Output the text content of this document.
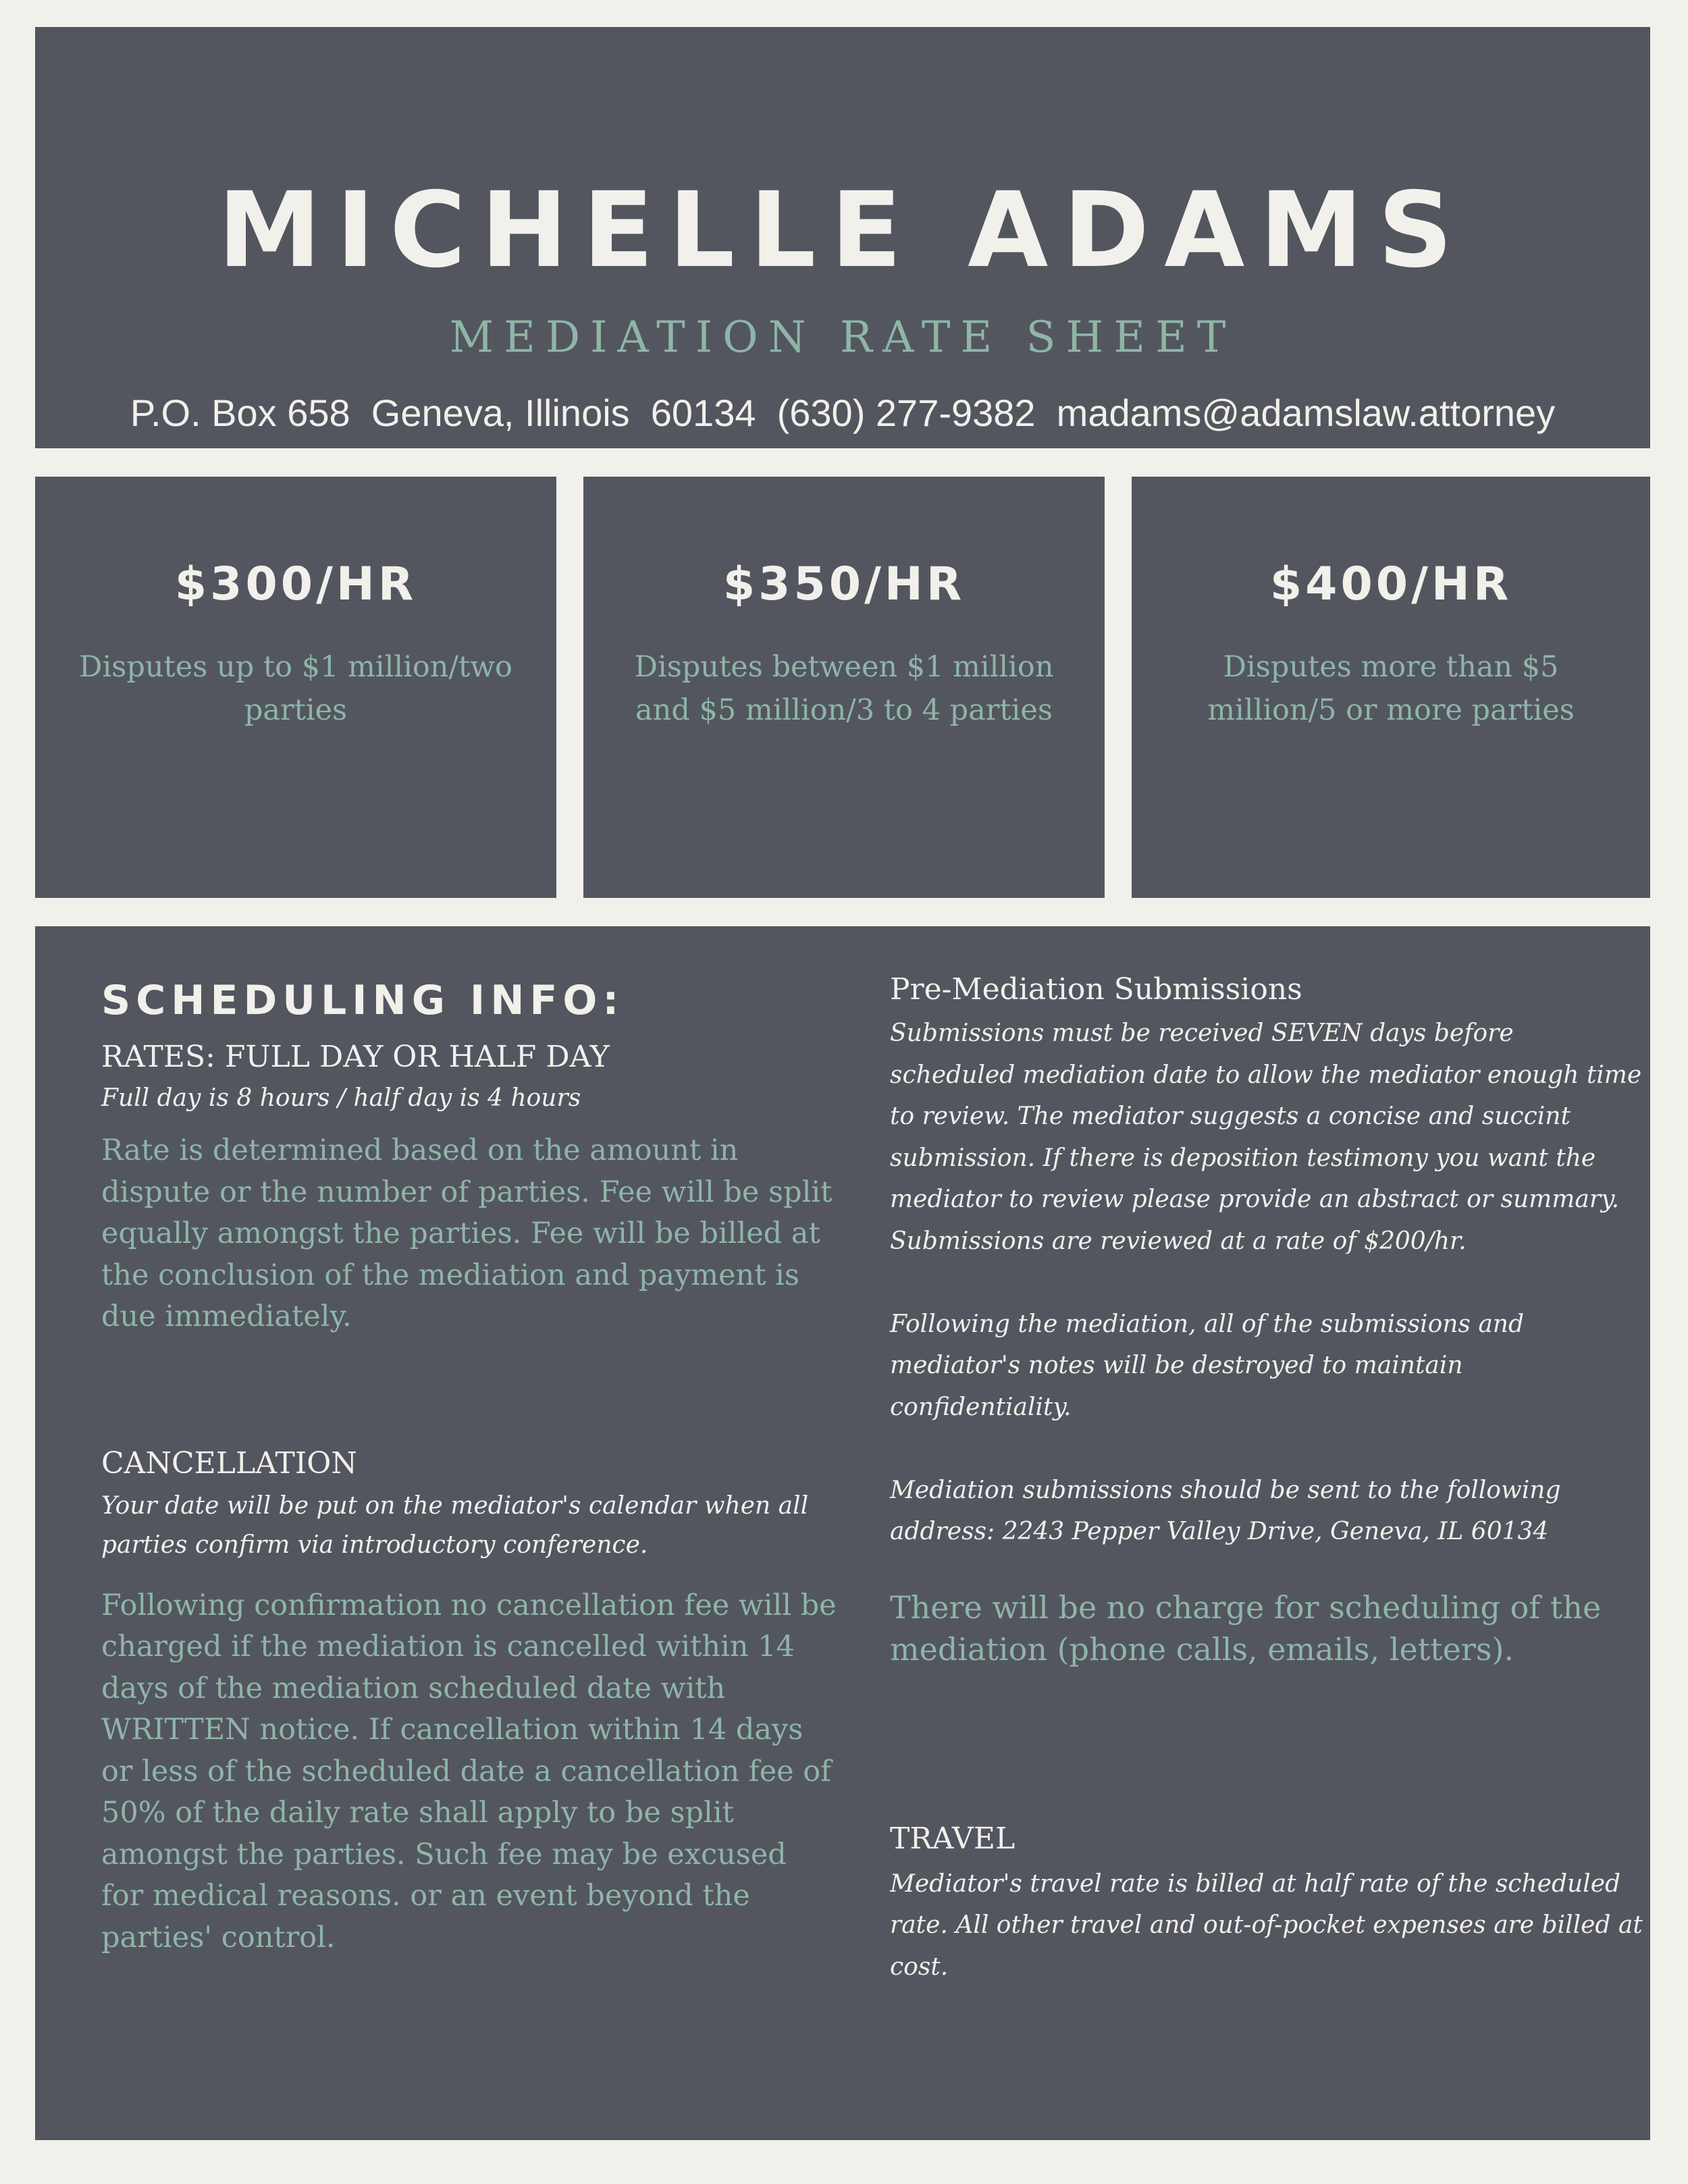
MICHELLE ADAMS
MEDIATION RATE SHEET
P.O. Box 658  Geneva, Illinois  60134  (630) 277-9382  madams@adamslaw.attorney
$300/HR
Disputes up to $1 million/two parties
$350/HR
Disputes between $1 million and $5 million/3 to 4 parties
$400/HR
Disputes more than $5 million/5 or more parties
SCHEDULING INFO:
RATES: FULL DAY OR HALF DAY
Full day is 8 hours / half day is 4 hours
Rate is determined based on the amount in dispute or the number of parties. Fee will be split equally amongst the parties. Fee will be billed at the conclusion of the mediation and payment is due immediately.
CANCELLATION
Your date will be put on the mediator's calendar when all parties confirm via introductory conference.
Following confirmation no cancellation fee will be charged if the mediation is cancelled within 14 days of the mediation scheduled date with WRITTEN notice. If cancellation within 14 days or less of the scheduled date a cancellation fee of 50% of the daily rate shall apply to be split amongst the parties. Such fee may be excused for medical reasons. or an event beyond the parties' control.
Pre-Mediation Submissions
Submissions must be received SEVEN days before scheduled mediation date to allow the mediator enough time to review. The mediator suggests a concise and succint submission. If there is deposition testimony you want the mediator to review please provide an abstract or summary. Submissions are reviewed at a rate of $200/hr.
Following the mediation, all of the submissions and mediator's notes will be destroyed to maintain confidentiality.
Mediation submissions should be sent to the following address: 2243 Pepper Valley Drive, Geneva, IL 60134
There will be no charge for scheduling of the mediation (phone calls, emails, letters).
TRAVEL
Mediator's travel rate is billed at half rate of the scheduled rate. All other travel and out-of-pocket expenses are billed at cost.
